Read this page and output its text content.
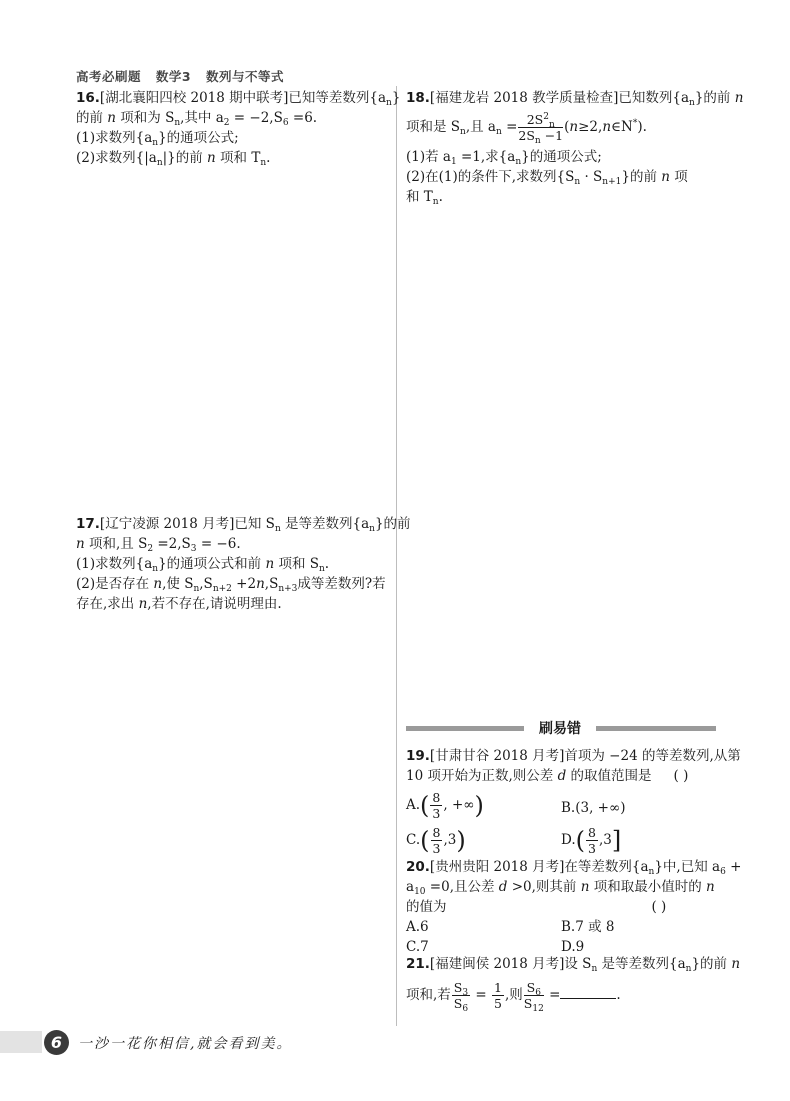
高考必刷题 数学3 数列与不等式

16.[湖北襄阳四校 2018 期中联考]已知等差数列$\{a_n\}$

的前 n 项和为 $S_n$,其中 $a_2 = -2,S_6 =6$.

(1)求数列$\{a_n\}$的通项公式;

(2)求数列$\{|a_n|\}$的前 n 项和 $T_n$.

17.[辽宁凌源 2018 月考]已知 $S_n$ 是等差数列$\{a_n\}$的前

n 项和,且 $S_2 =2,S_3 = -6$.

(1)求数列$\{a_n\}$的通项公式和前 n 项和 $S_n$.

(2)是否存在 n,使 $S_n,S_{n+2} +2n,S_{n+3}$成等差数列?若

存在,求出 n,若不存在,请说明理由.

18.[福建龙岩 2018 教学质量检查]已知数列$\{a_n\}$的前 n

项和是 $S_n$,且 $a_n = \frac{2S^2_n}{2S_n -1}$ (n≥2,n∈N*).

(1)若 $a_1 =1$,求$\{a_n\}$的通项公式;

(2)在(1)的条件下,求数列$\{S_n \cdot S_{n+1}\}$的前 n 项

和 $T_n$.

刷易错

19.[甘肃甘谷 2018 月考]首项为 −24 的等差数列,从第

10 项开始为正数,则公差 d 的取值范围是 ( )

$A.( \frac{8}{3}$ , +∞)	B.(3, +∞)
$C.( \frac{8}{3} ,3)$	$D.( \frac{8}{3} ,3]$

20.[贵州贵阳 2018 月考]在等差数列$\{a_n\}$中,已知 $a_6$ +

$a_{10} =0$,且公差 d >0,则其前 n 项和取最小值时的 n

的值为	( )

A.6	B.7 或 8
C.7	D.9

21.[福建闽侯 2018 月考]设 $S_n$ 是等差数列$\{a_n\}$的前 n

项和,若 $\frac{S_3}{S_6} = \frac{1}{5}$ ,则 $\frac{S_6}{S_{12}}$ =	.

6	一沙一花你相信,就会看到美。
